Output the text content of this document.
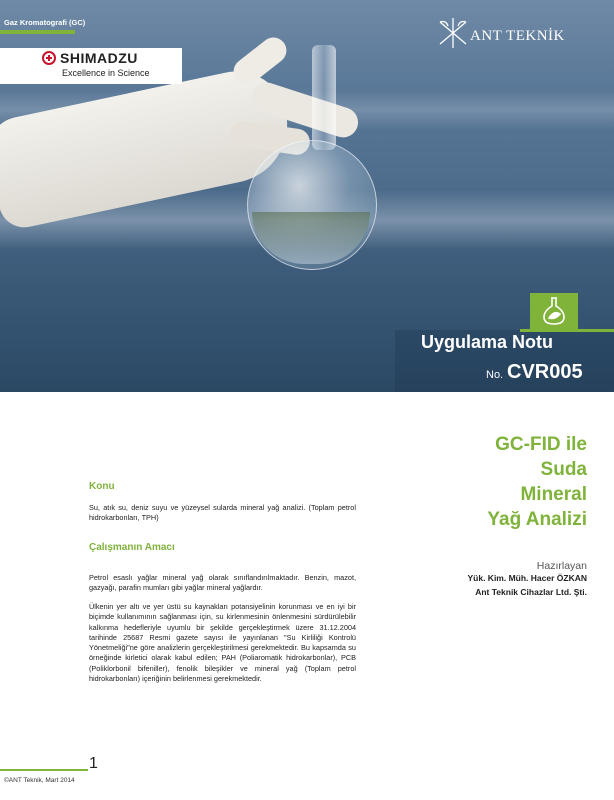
Gaz Kromatografi (GC)
SHIMADZU
Excellence in Science
ANT TEKNİK
Uygulama Notu
No. CVR005
GC-FID ile
Suda
Mineral
Yağ Analizi
Hazırlayan
Yük. Kim. Müh. Hacer ÖZKAN
Ant Teknik Cihazlar Ltd. Şti.
Konu
Su, atık su, deniz suyu ve yüzeysel sularda mineral yağ analizi. (Toplam petrol hidrokarbonları, TPH)
Çalışmanın Amacı
Petrol esaslı yağlar mineral yağ olarak sınıflandırılmaktadır. Benzin, mazot, gazyağı, parafin mumları gibi yağlar mineral yağlardır.
Ülkenin yer altı ve yer üstü su kaynakları potansiyelinin korunması ve en iyi bir biçimde kullanımının sağlanması için, su kirlenmesinin önlenmesini sürdürülebilir kalkınma hedefleriyle uyumlu bir şekilde gerçekleştirmek üzere 31.12.2004 tarihinde 25687 Resmi gazete sayısı ile yayınlanan "Su Kirliliği Kontrolü Yönetmeliği"ne göre analizlerin gerçekleştirilmesi gerekmektedir. Bu kapsamda su örneğinde kirletici olarak kabul edilen; PAH (Poliaromatik hidrokarbonlar), PCB (Poliklorbonil bifeniller), fenolik bileşikler ve mineral yağ (Toplam petrol hidrokarbonları) içeriğinin belirlenmesi gerekmektedir.
1
©ANT Teknik, Mart 2014
